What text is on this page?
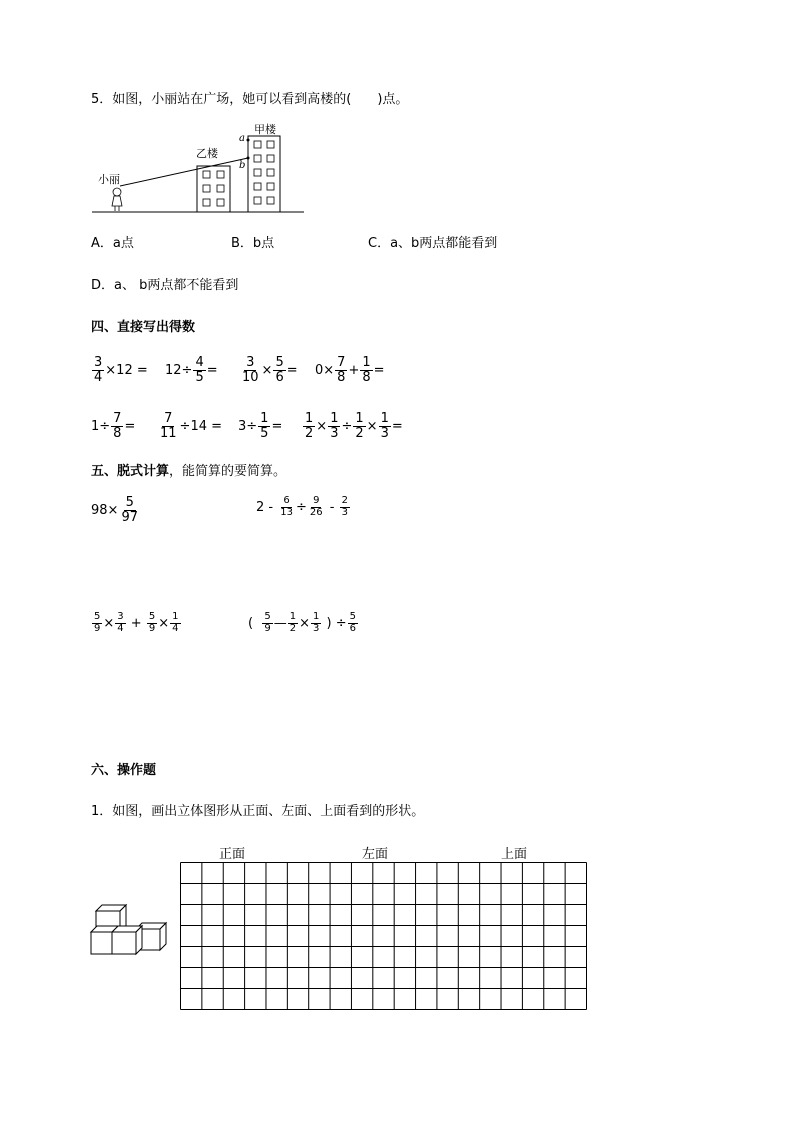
5．如图，小丽站在广场，她可以看到高楼的(　　)点。
a
b
小丽
乙楼
甲楼
A．a点	B．b点	C．a、b两点都能看到
D．a、 b两点都不能看到
四、直接写出得数
$\frac{3}{4} \times 12 = 12\div \frac{4}{5} = \frac{3}{10} \times \frac{5}{6} = 0\times \frac{7}{8} + \frac{1}{8}$ =
$1\div \frac{7}{8} = \frac{7}{11} \div 14 = 3\div \frac{1}{5} = \frac{1}{2} \times \frac{1}{3} \div \frac{1}{2} \times \frac{1}{3}$ =
五、脱式计算，能简算的要简算。
$98\times \frac{5}{97}$	2 -
$\frac{6}{13} \div \frac{9}{26}$
-
$\frac{2}{3}$
$\frac{5}{9} \times \frac{3}{4}$
+
$\frac{5}{9} \times \frac{1}{4}$	(
$\frac{5}{9}$ — $\frac{1}{2} \times \frac{1}{3}$
)
÷ $\frac{5}{6}$
六、操作题
1．如图，画出立体图形从正面、左面、上面看到的形状。
正面	左面	上面
